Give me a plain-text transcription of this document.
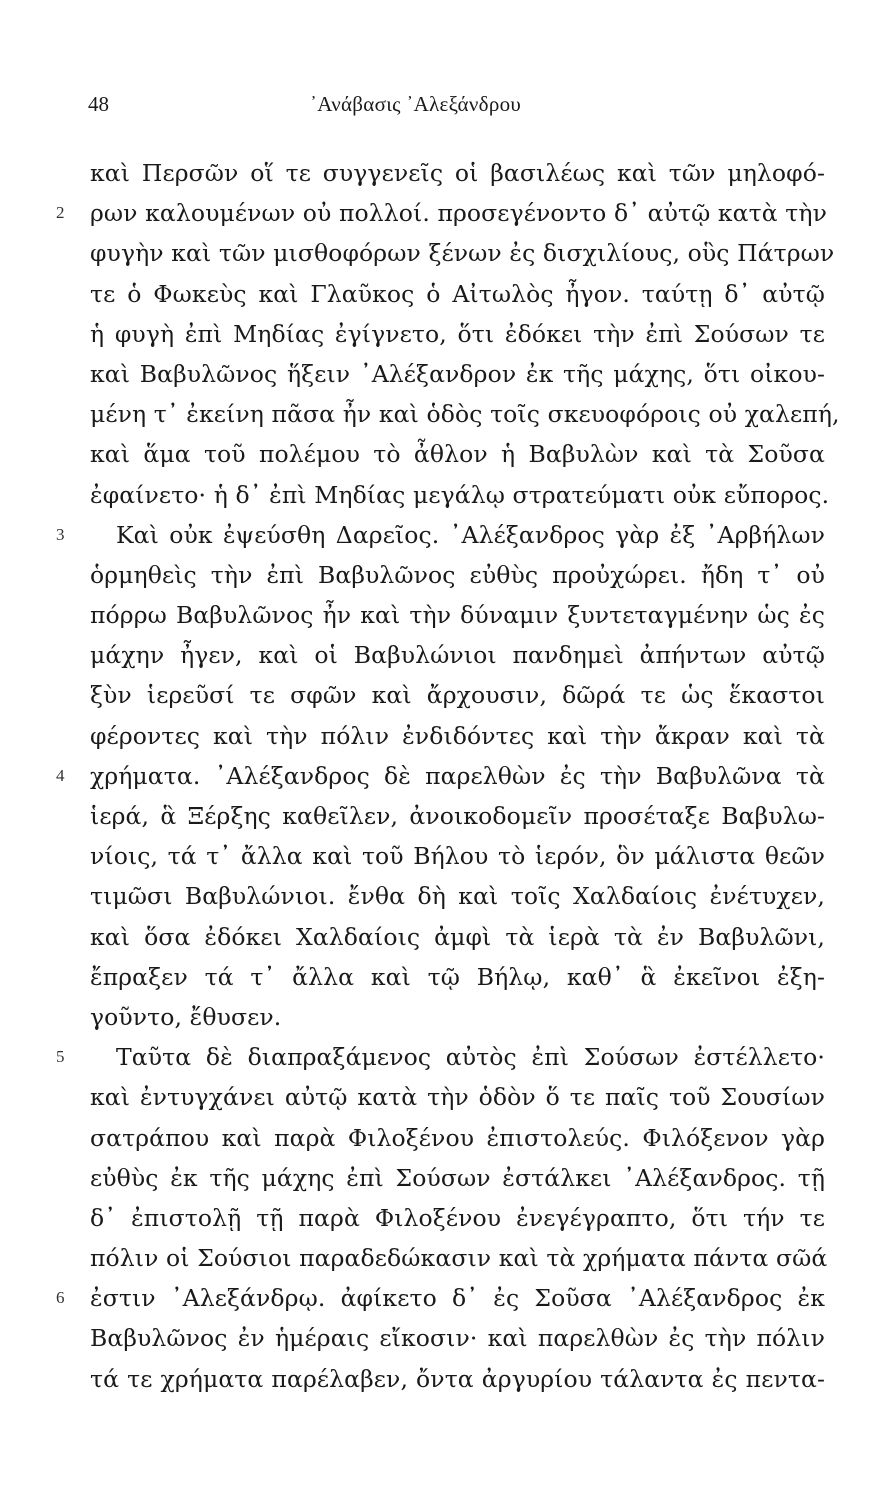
48	᾿Ανάβασις ᾿Αλεξάνδρου
καὶ Περσῶν οἵ τε συγγενεῖς οἱ βασιλέως καὶ τῶν μηλοφό-
2 ρων καλουμένων οὐ πολλοί. προσεγένοντο δ᾿ αὐτῷ κατὰ τὴν
φυγὴν καὶ τῶν μισθοφόρων ξένων ἐς δισχιλίους, οὓς Πάτρων
τε ὁ Φωκεὺς καὶ Γλαῦκος ὁ Αἰτωλὸς ἦγον. ταύτῃ δ᾿ αὐτῷ
ἡ φυγὴ ἐπὶ Μηδίας ἐγίγνετο, ὅτι ἐδόκει τὴν ἐπὶ Σούσων τε
καὶ Βαβυλῶνος ἥξειν ᾿Αλέξανδρον ἐκ τῆς μάχης, ὅτι οἰκου-
μένη τ᾿ ἐκείνη πᾶσα ἦν καὶ ὁδὸς τοῖς σκευοφόροις οὐ χαλεπή,
καὶ ἅμα τοῦ πολέμου τὸ ἆθλον ἡ Βαβυλὼν καὶ τὰ Σοῦσα
ἐφαίνετο· ἡ δ᾿ ἐπὶ Μηδίας μεγάλῳ στρατεύματι οὐκ εὔπορος.
3 Καὶ οὐκ ἐψεύσθη Δαρεῖος. ᾿Αλέξανδρος γὰρ ἐξ ᾿Αρβήλων
ὁρμηθεὶς τὴν ἐπὶ Βαβυλῶνος εὐθὺς προὐχώρει. ἤδη τ᾿ οὐ
πόρρω Βαβυλῶνος ἦν καὶ τὴν δύναμιν ξυντεταγμένην ὡς ἐς
μάχην ἦγεν, καὶ οἱ Βαβυλώνιοι πανδημεὶ ἀπήντων αὐτῷ
ξὺν ἱερεῦσί τε σφῶν καὶ ἄρχουσιν, δῶρά τε ὡς ἕκαστοι
φέροντες καὶ τὴν πόλιν ἐνδιδόντες καὶ τὴν ἄκραν καὶ τὰ
4 χρήματα. ᾿Αλέξανδρος δὲ παρελθὼν ἐς τὴν Βαβυλῶνα τὰ
ἱερά, ἃ Ξέρξης καθεῖλεν, ἀνοικοδομεῖν προσέταξε Βαβυλω-
νίοις, τά τ᾿ ἄλλα καὶ τοῦ Βήλου τὸ ἱερόν, ὃν μάλιστα θεῶν
τιμῶσι Βαβυλώνιοι. ἔνθα δὴ καὶ τοῖς Χαλδαίοις ἐνέτυχεν,
καὶ ὅσα ἐδόκει Χαλδαίοις ἀμφὶ τὰ ἱερὰ τὰ ἐν Βαβυλῶνι,
ἔπραξεν τά τ᾿ ἄλλα καὶ τῷ Βήλῳ, καθ᾿ ἃ ἐκεῖνοι ἐξη-
γοῦντο, ἔθυσεν.
5 Ταῦτα δὲ διαπραξάμενος αὐτὸς ἐπὶ Σούσων ἐστέλλετο·
καὶ ἐντυγχάνει αὐτῷ κατὰ τὴν ὁδὸν ὅ τε παῖς τοῦ Σουσίων
σατράπου καὶ παρὰ Φιλοξένου ἐπιστολεύς. Φιλόξενον γὰρ
εὐθὺς ἐκ τῆς μάχης ἐπὶ Σούσων ἐστάλκει ᾿Αλέξανδρος. τῇ
δ᾿ ἐπιστολῇ τῇ παρὰ Φιλοξένου ἐνεγέγραπτο, ὅτι τήν τε
πόλιν οἱ Σούσιοι παραδεδώκασιν καὶ τὰ χρήματα πάντα σῶά
6 ἐστιν ᾿Αλεξάνδρῳ. ἀφίκετο δ᾿ ἐς Σοῦσα ᾿Αλέξανδρος ἐκ
Βαβυλῶνος ἐν ἡμέραις εἴκοσιν· καὶ παρελθὼν ἐς τὴν πόλιν
τά τε χρήματα παρέλαβεν, ὄντα ἀργυρίου τάλαντα ἐς πεντα-
